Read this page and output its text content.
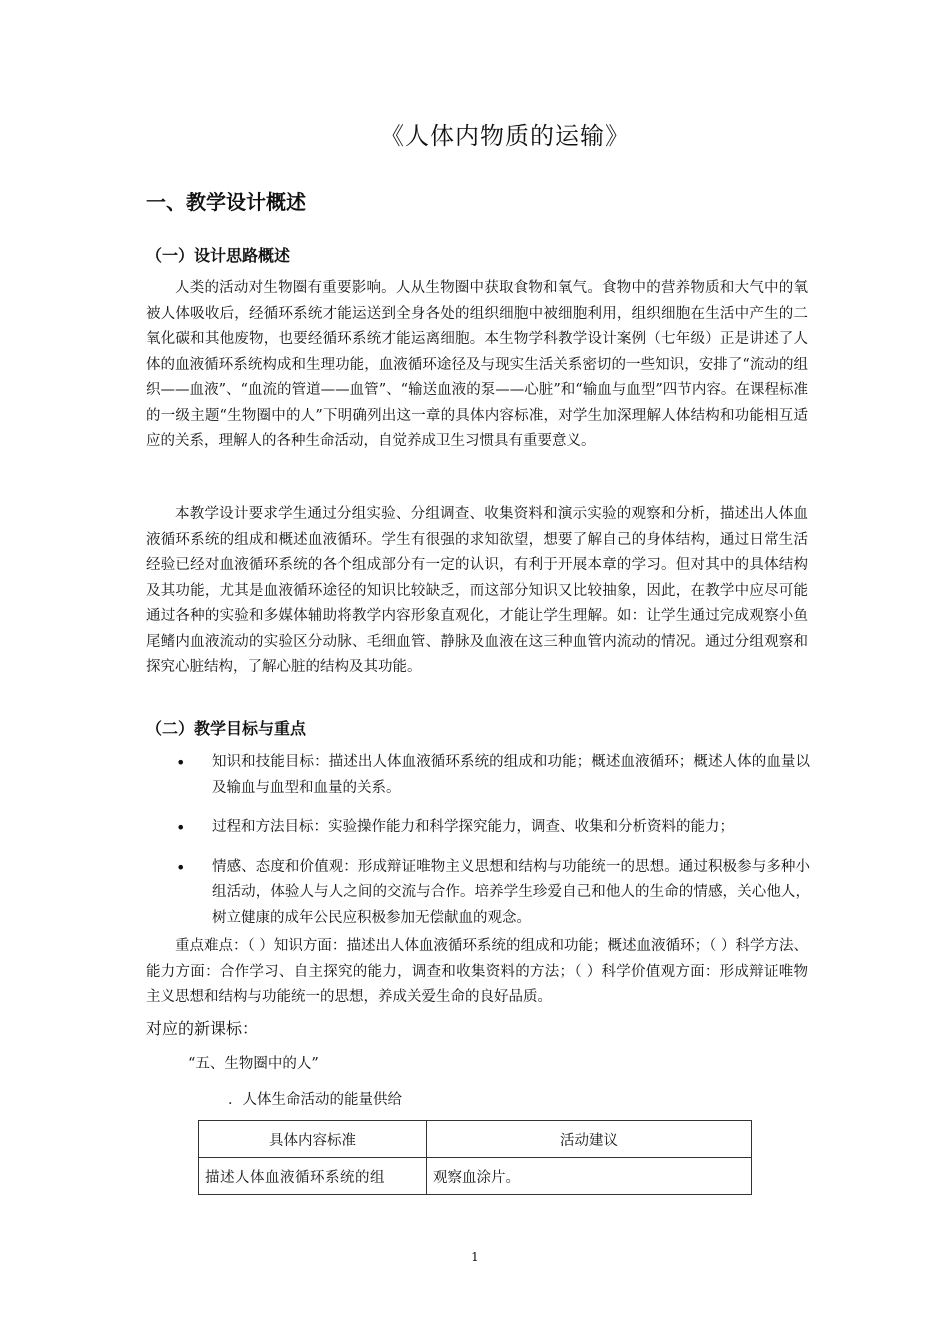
《人体内物质的运输》
一、教学设计概述
（一）设计思路概述

人类的活动对生物圈有重要影响。人从生物圈中获取食物和氧气。食物中的营养物质和大气中的氧被人体吸收后，经循环系统才能运送到全身各处的组织细胞中被细胞利用，组织细胞在生活中产生的二氧化碳和其他废物，也要经循环系统才能运离细胞。本生物学科教学设计案例（七年级）正是讲述了人体的血液循环系统构成和生理功能，血液循环途径及与现实生活关系密切的一些知识，安排了“流动的组织——血液”、“血流的管道——血管”、“输送血液的泵——心脏”和“输血与血型”四节内容。在课程标准的一级主题“生物圈中的人”下明确列出这一章的具体内容标准，对学生加深理解人体结构和功能相互适应的关系，理解人的各种生命活动，自觉养成卫生习惯具有重要意义。

本教学设计要求学生通过分组实验、分组调查、收集资料和演示实验的观察和分析，描述出人体血液循环系统的组成和概述血液循环。学生有很强的求知欲望，想要了解自己的身体结构，通过日常生活经验已经对血液循环系统的各个组成部分有一定的认识，有利于开展本章的学习。但对其中的具体结构及其功能，尤其是血液循环途径的知识比较缺乏，而这部分知识又比较抽象，因此，在教学中应尽可能通过各种的实验和多媒体辅助将教学内容形象直观化，才能让学生理解。如：让学生通过完成观察小鱼尾鳍内血液流动的实验区分动脉、毛细血管、静脉及血液在这三种血管内流动的情况。通过分组观察和探究心脏结构，了解心脏的结构及其功能。

（二）教学目标与重点
• 知识和技能目标：描述出人体血液循环系统的组成和功能；概述血液循环；概述人体的血量以及输血与血型和血量的关系。
• 过程和方法目标：实验操作能力和科学探究能力，调查、收集和分析资料的能力；
• 情感、态度和价值观：形成辩证唯物主义思想和结构与功能统一的思想。通过积极参与多种小组活动，体验人与人之间的交流与合作。培养学生珍爱自己和他人的生命的情感，关心他人，树立健康的成年公民应积极参加无偿献血的观念。

重点难点：（ ）知识方面：描述出人体血液循环系统的组成和功能；概述血液循环；（ ）科学方法、能力方面：合作学习、自主探究的能力，调查和收集资料的方法；（ ）科学价值观方面：形成辩证唯物主义思想和结构与功能统一的思想，养成关爱生命的良好品质。

对应的新课标：
“五、生物圈中的人”
．人体生命活动的能量供给
具体内容标准	活动建议
描述人体血液循环系统的组	观察血涂片。
1
